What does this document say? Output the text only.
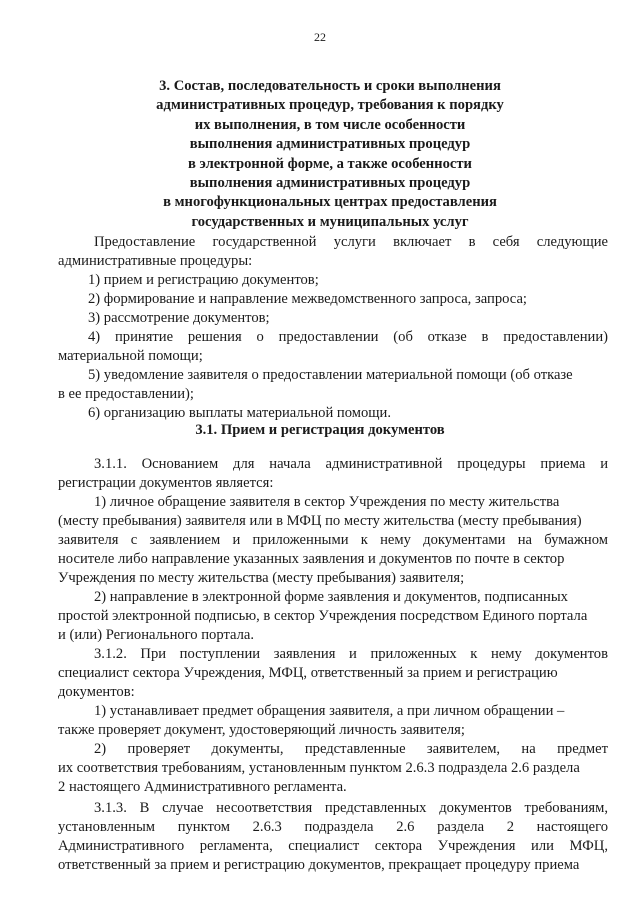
22
3. Состав, последовательность и сроки выполнения
административных процедур, требования к порядку
их выполнения, в том числе особенности
выполнения административных процедур
в электронной форме, а также особенности
выполнения административных процедур
в многофункциональных центрах предоставления
государственных и муниципальных услуг
Предоставление государственной услуги включает в себя следующие
административные процедуры:
1) прием и регистрацию документов;
2) формирование и направление межведомственного запроса, запроса;
3) рассмотрение документов;
4) принятие решения о предоставлении (об отказе в предоставлении)
материальной помощи;
5) уведомление заявителя о предоставлении материальной помощи (об отказе
в ее предоставлении);
6) организацию выплаты материальной помощи.
3.1. Прием и регистрация документов
3.1.1. Основанием для начала административной процедуры приема и
регистрации документов является:
1) личное обращение заявителя в сектор Учреждения по месту жительства
(месту пребывания) заявителя или в МФЦ по месту жительства (месту пребывания)
заявителя с заявлением и приложенными к нему документами на бумажном
носителе либо направление указанных заявления и документов по почте в сектор
Учреждения по месту жительства (месту пребывания) заявителя;
2) направление в электронной форме заявления и документов, подписанных
простой электронной подписью, в сектор Учреждения посредством Единого портала
и (или) Регионального портала.
3.1.2. При поступлении заявления и приложенных к нему документов
специалист сектора Учреждения, МФЦ, ответственный за прием и регистрацию
документов:
1) устанавливает предмет обращения заявителя, а при личном обращении –
также проверяет документ, удостоверяющий личность заявителя;
2) проверяет документы, представленные заявителем, на предмет
их соответствия требованиям, установленным пунктом 2.6.3 подраздела 2.6 раздела
2 настоящего Административного регламента.
3.1.3. В случае несоответствия представленных документов требованиям,
установленным пунктом 2.6.3 подраздела 2.6 раздела 2 настоящего
Административного регламента, специалист сектора Учреждения или МФЦ,
ответственный за прием и регистрацию документов, прекращает процедуру приема
